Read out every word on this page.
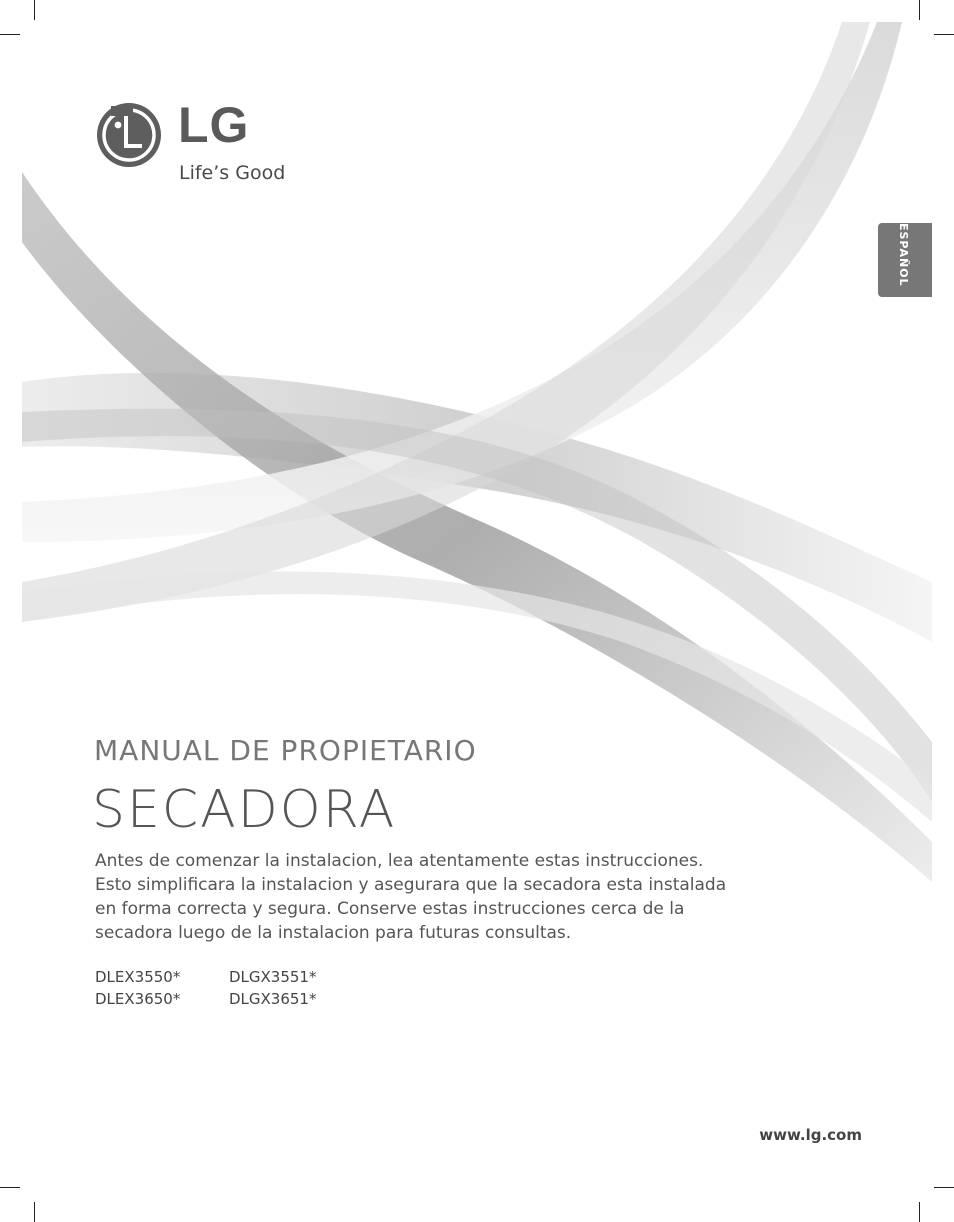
LG
Life’s Good
ESPAÑOL
MANUAL DE PROPIETARIO
SECADORA
Antes de comenzar la instalacion, lea atentamente estas instrucciones.
Esto simplificara la instalacion y asegurara que la secadora esta instalada
en forma correcta y segura. Conserve estas instrucciones cerca de la
secadora luego de la instalacion para futuras consultas.
DLEX3550*	DLGX3551*
DLEX3650*	DLGX3651*
www.lg.com
